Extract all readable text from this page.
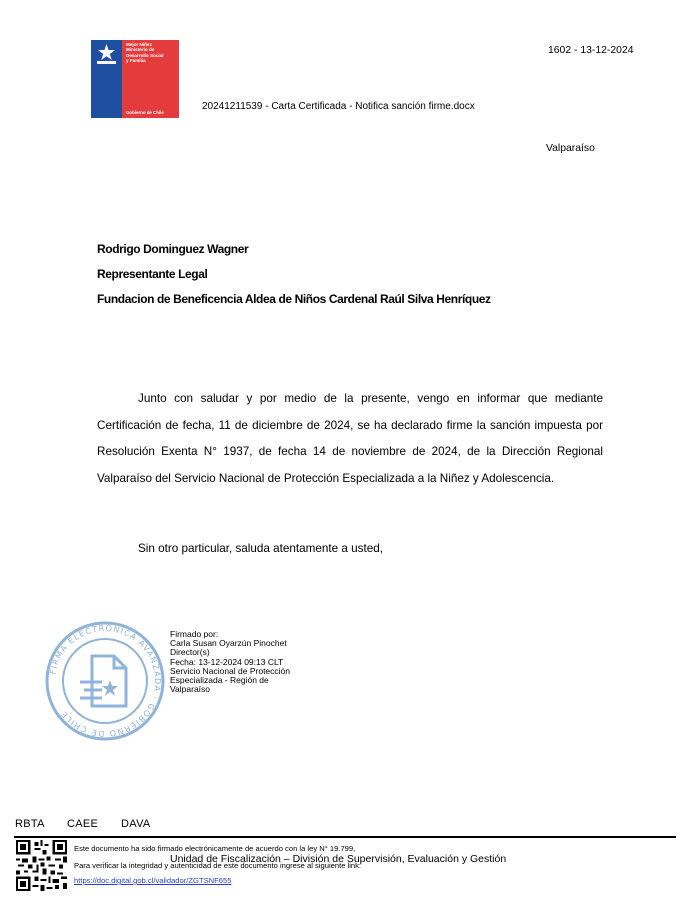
Mejor Niñez
Ministerio de
Desarrollo Social
y Familia
Gobierno de Chile
1602 - 13-12-2024
20241211539 - Carta Certificada - Notifica sanción firme.docx
Valparaíso
Rodrigo Dominguez Wagner
Representante Legal
Fundacion de Beneficencia Aldea de Niños Cardenal Raúl Silva Henríquez

Junto con saludar y por medio de la presente, vengo en informar que mediante Certificación de fecha, 11 de diciembre de 2024, se ha declarado firme la sanción impuesta por Resolución Exenta N° 1937, de fecha 14 de noviembre de 2024, de la Dirección Regional Valparaíso del Servicio Nacional de Protección Especializada a la Niñez y Adolescencia.

Sin otro particular, saluda atentamente a usted,
FIRMA ELECTRONICA AVANZADA · GOBIERNO DE CHILE
Firmado por:
Carla Susan Oyarzún Pinochet
Director(s)
Fecha: 13-12-2024 09:13 CLT
Servicio Nacional de Protección
Especializada - Región de
Valparaíso
RBTA CAEE DAVA
Este documento ha sido firmado electrónicamente de acuerdo con la ley N° 19.799,
Unidad de Fiscalización – División de Supervisión, Evaluación y Gestión
Para verificar la integridad y autenticidad de este documento ingrese al siguiente link:
https://doc.digital.gob.cl/validador/ZGTSNF655
